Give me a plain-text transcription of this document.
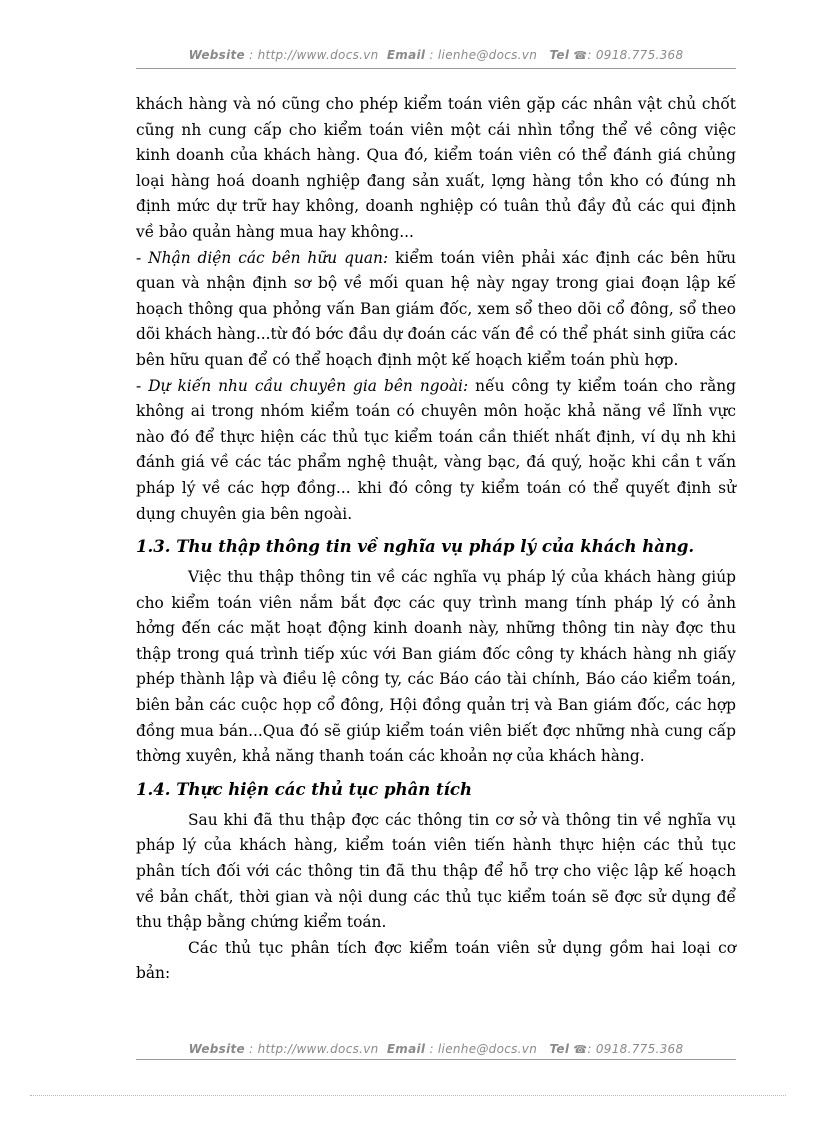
Website : http://www.docs.vn Email : lienhe@docs.vn Tel ☎: 0918.775.368

khách hàng và nó cũng cho phép kiểm toán viên gặp các nhân vật chủ chốt cũng nh cung cấp cho kiểm toán viên một cái nhìn tổng thể về công việc kinh doanh của khách hàng. Qua đó, kiểm toán viên có thể đánh giá chủng loại hàng hoá doanh nghiệp đang sản xuất, lợng hàng tồn kho có đúng nh định mức dự trữ hay không, doanh nghiệp có tuân thủ đầy đủ các qui định về bảo quản hàng mua hay không...

- Nhận diện các bên hữu quan: kiểm toán viên phải xác định các bên hữu quan và nhận định sơ bộ về mối quan hệ này ngay trong giai đoạn lập kế hoạch thông qua phỏng vấn Ban giám đốc, xem sổ theo dõi cổ đông, sổ theo dõi khách hàng...từ đó bớc đầu dự đoán các vấn đề có thể phát sinh giữa các bên hữu quan để có thể hoạch định một kế hoạch kiểm toán phù hợp.

- Dự kiến nhu cầu chuyên gia bên ngoài: nếu công ty kiểm toán cho rằng không ai trong nhóm kiểm toán có chuyên môn hoặc khả năng về lĩnh vực nào đó để thực hiện các thủ tục kiểm toán cần thiết nhất định, ví dụ nh khi đánh giá về các tác phẩm nghệ thuật, vàng bạc, đá quý, hoặc khi cần t vấn pháp lý về các hợp đồng... khi đó công ty kiểm toán có thể quyết định sử dụng chuyên gia bên ngoài.

1.3. Thu thập thông tin về nghĩa vụ pháp lý của khách hàng.

Việc thu thập thông tin về các nghĩa vụ pháp lý của khách hàng giúp cho kiểm toán viên nắm bắt đợc các quy trình mang tính pháp lý có ảnh hởng đến các mặt hoạt động kinh doanh này, những thông tin này đợc thu thập trong quá trình tiếp xúc với Ban giám đốc công ty khách hàng nh giấy phép thành lập và điều lệ công ty, các Báo cáo tài chính, Báo cáo kiểm toán, biên bản các cuộc họp cổ đông, Hội đồng quản trị và Ban giám đốc, các hợp đồng mua bán...Qua đó sẽ giúp kiểm toán viên biết đợc những nhà cung cấp thờng xuyên, khả năng thanh toán các khoản nợ của khách hàng.

1.4. Thực hiện các thủ tục phân tích

Sau khi đã thu thập đợc các thông tin cơ sở và thông tin về nghĩa vụ pháp lý của khách hàng, kiểm toán viên tiến hành thực hiện các thủ tục phân tích đối với các thông tin đã thu thập để hỗ trợ cho việc lập kế hoạch về bản chất, thời gian và nội dung các thủ tục kiểm toán sẽ đợc sử dụng để thu thập bằng chứng kiểm toán.

Các thủ tục phân tích đợc kiểm toán viên sử dụng gồm hai loại cơ bản:

Website : http://www.docs.vn Email : lienhe@docs.vn Tel ☎: 0918.775.368
